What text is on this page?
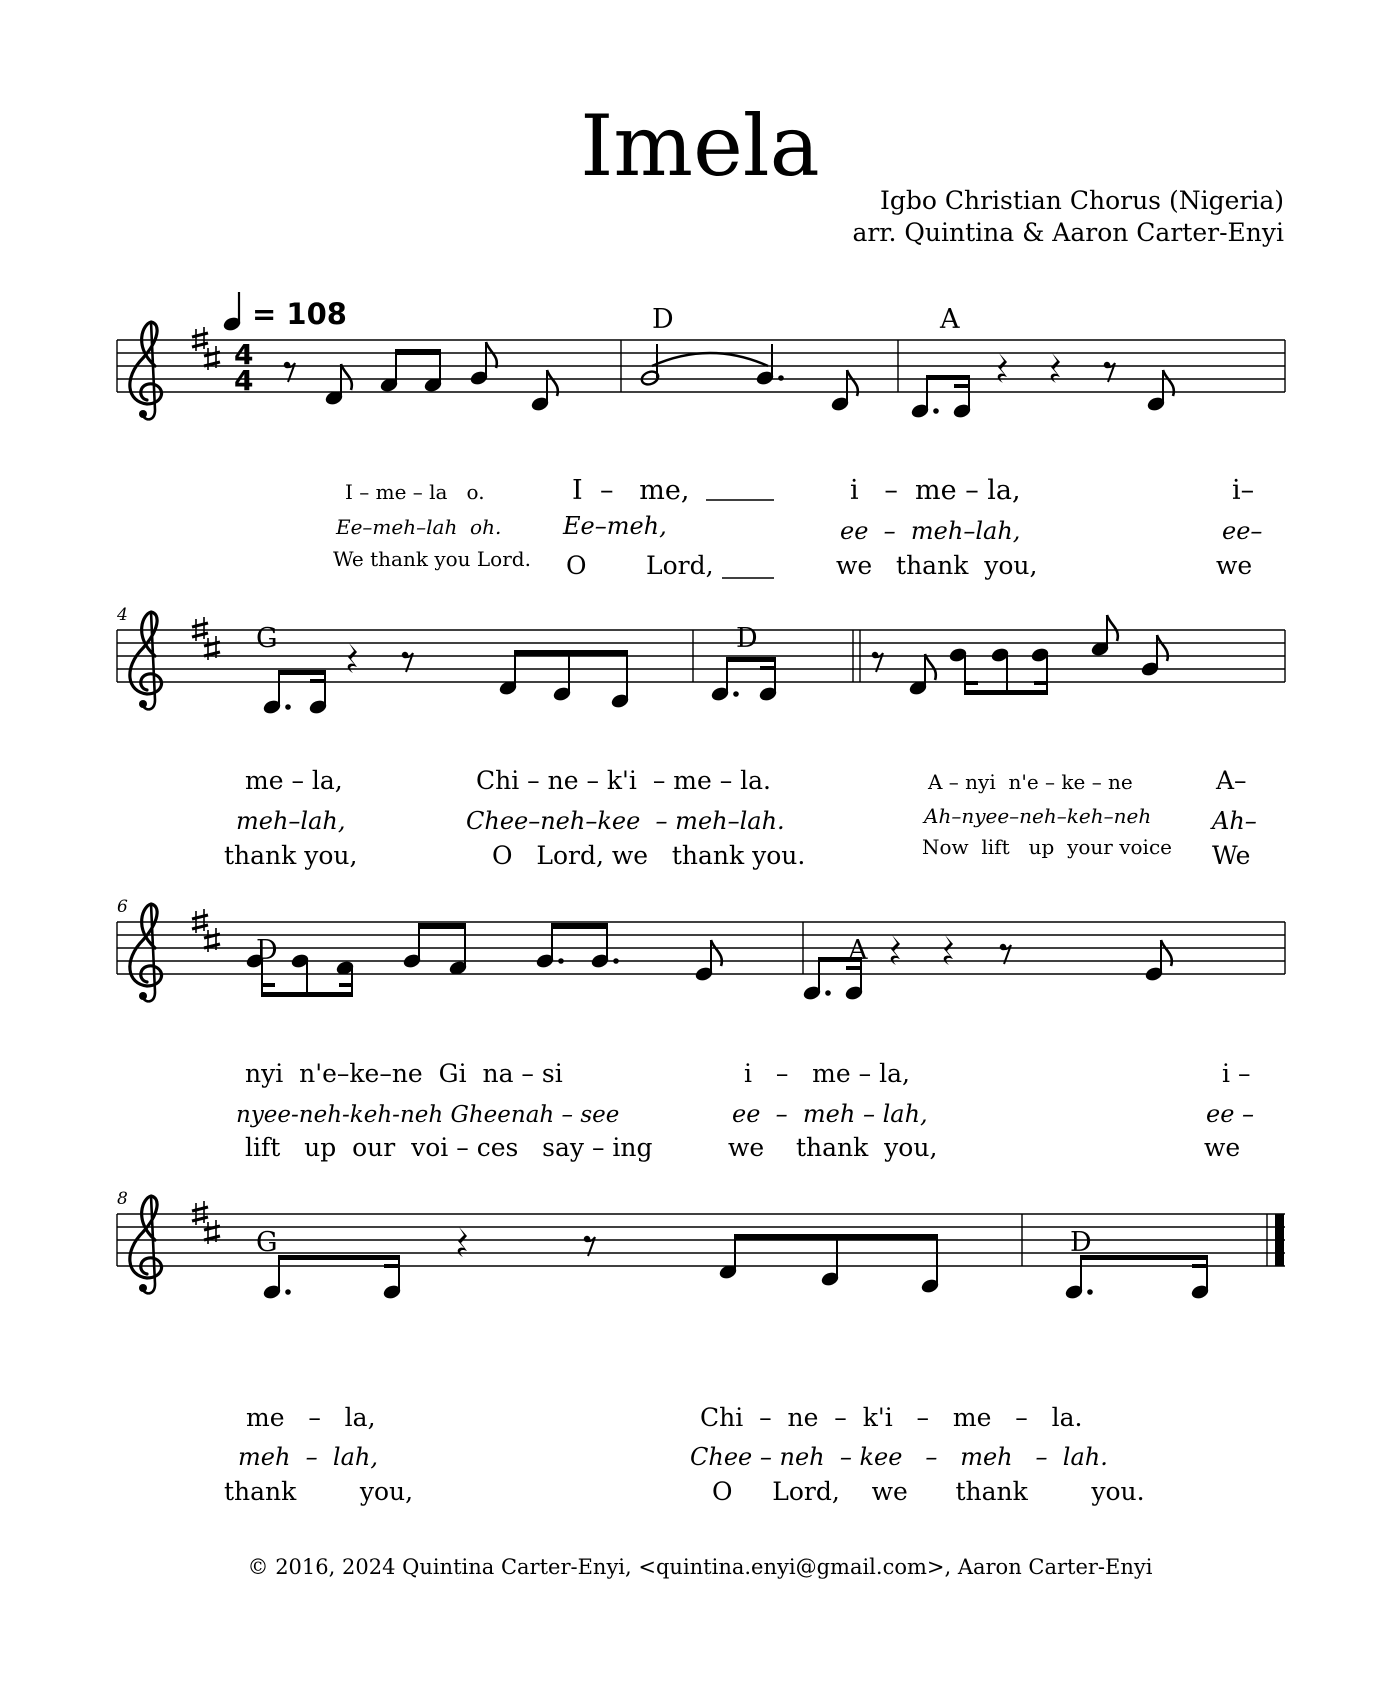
Imela
Igbo Christian Chorus (Nigeria)
arr. Quintina & Aaron Carter-Enyi
= 108
4
4
D	A
G	D
D	A
G	D
4
6
8
I – me – la   o.
Ee–meh–lah  oh.
We thank you Lord.
I
Ee–meh,
O
–   me,
Lord,
i   –  me – la,
ee  –  meh–lah,
we   thank  you,
i–
ee–
we
me – la,
meh–lah,
thank you,
Chi – ne – k'i  – me – la.
Chee–neh–kee  – meh–lah.
O   Lord, we   thank you.
A – nyi  n'e – ke – ne
Ah–nyee–neh–keh–neh
Now  lift   up  your voice
A–
Ah–
We
nyi  n'e–ke–ne  Gi  na – si
nyee-neh-keh-neh Gheenah – see
lift   up  our  voi – ces   say – ing
i   –   me – la,
ee  –  meh – lah,
we    thank  you,
i –
ee –
we
me   –   la,
meh  –  lah,
thank        you,
Chi  –  ne  –  k'i   –   me   –   la.
Chee – neh  – kee   –   meh   –  lah.
O     Lord,    we      thank        you.
© 2016, 2024 Quintina Carter-Enyi, <quintina.enyi@gmail.com>, Aaron Carter-Enyi
